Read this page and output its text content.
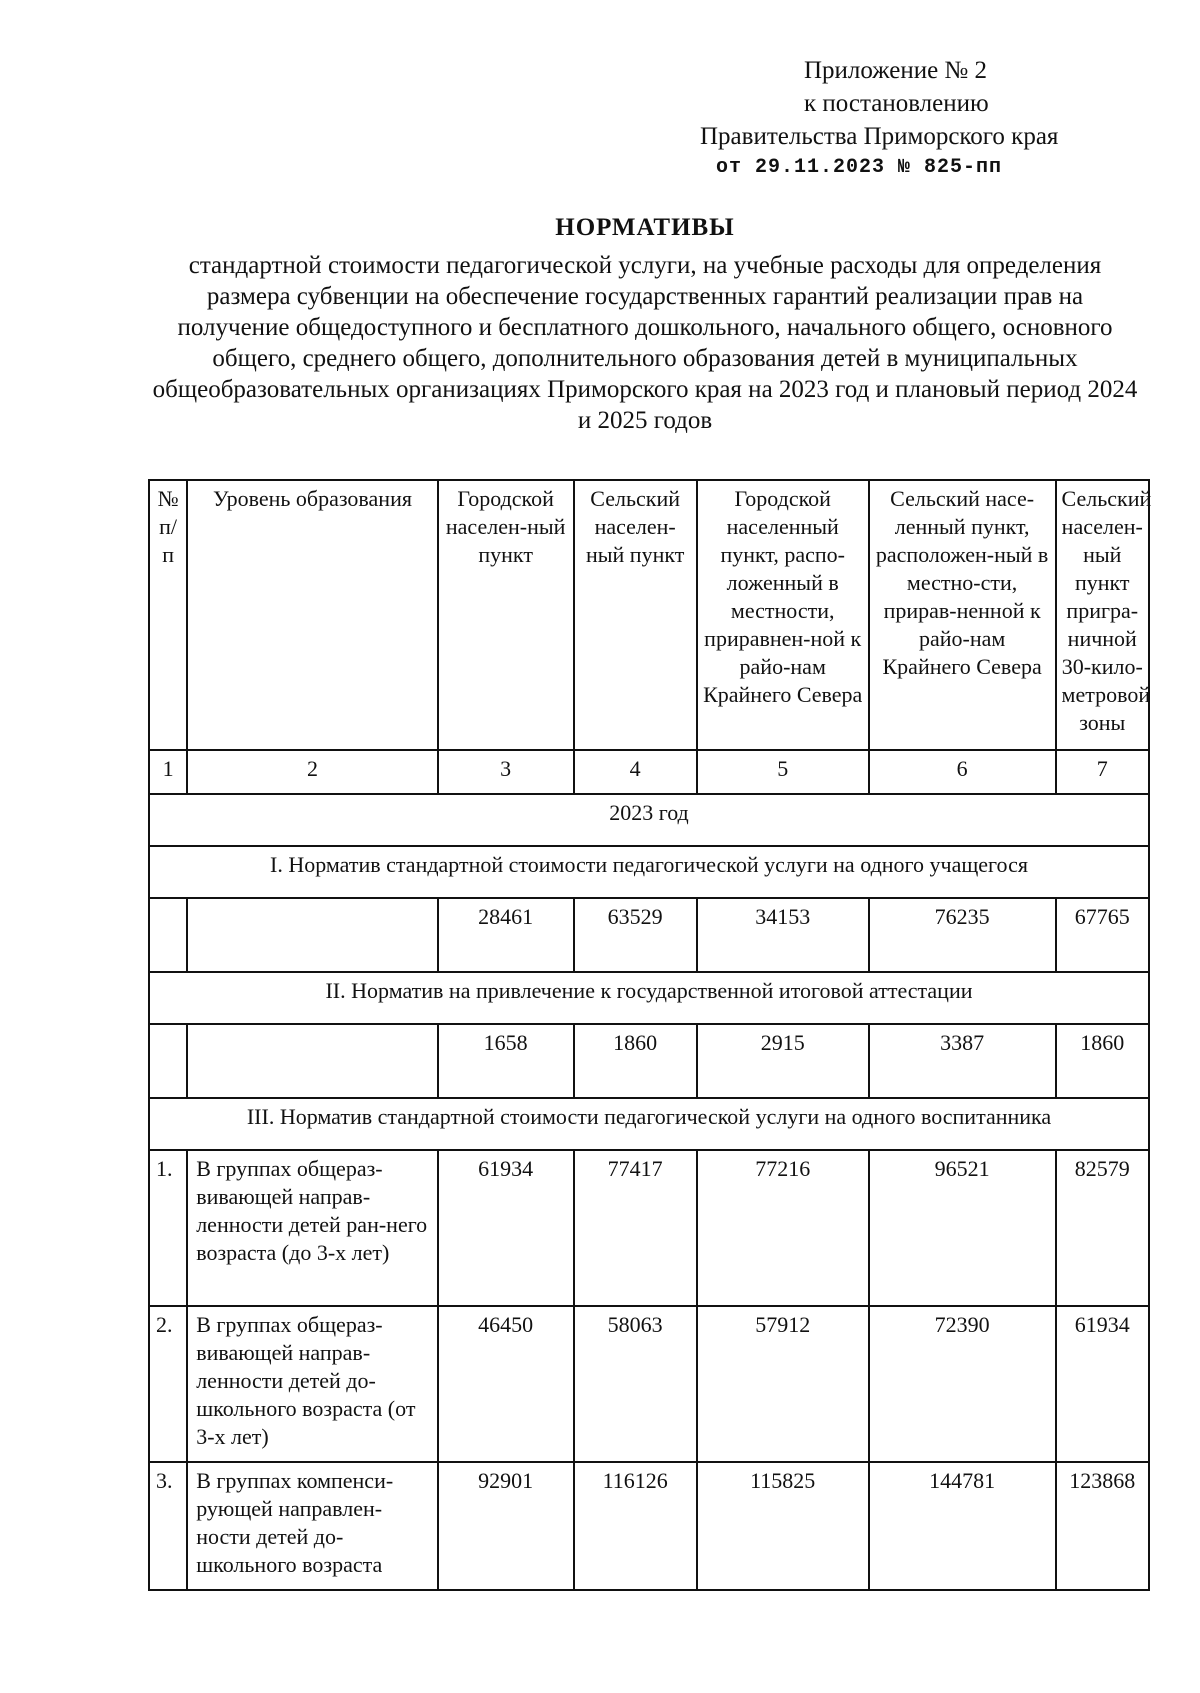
Приложение № 2
к постановлению
Правительства Приморского края
от 29.11.2023 № 825-пп
НОРМАТИВЫ
стандартной стоимости педагогической услуги, на учебные расходы для определения размера субвенции на обеспечение государственных гарантий реализации прав на получение общедоступного и бесплатного дошкольного, начального общего, основного общего, среднего общего, дополнительного образования детей в муниципальных общеобразовательных организациях Приморского края на 2023 год и плановый период 2024 и 2025 годов
№ п/п	Уровень образования	Городской населен-ный пункт	Сельский населен-ный пункт	Городской населенный пункт, распо-ложенный в местности, приравнен-ной к райо-нам Крайнего Севера	Сельский насе-ленный пункт, расположен-ный в местно-сти, прирав-ненной к райо-нам Крайнего Севера	Сельский населен-ный пункт пригра-ничной 30-кило-метровой зоны
1	2	3	4	5	6	7
2023 год						
I. Норматив стандартной стоимости педагогической услуги на одного учащегося						
		28461	63529	34153	76235	67765
II. Норматив на привлечение к государственной итоговой аттестации						
		1658	1860	2915	3387	1860
III. Норматив стандартной стоимости педагогической услуги на одного воспитанника						
1.	В группах общераз-вивающей направ-ленности детей ран-него возраста (до 3-х лет)	61934	77417	77216	96521	82579
2.	В группах общераз-вивающей направ-ленности детей до-школьного возраста (от 3-х лет)	46450	58063	57912	72390	61934
3.	В группах компенси-рующей направлен-ности детей до-школьного возраста	92901	116126	115825	144781	123868
